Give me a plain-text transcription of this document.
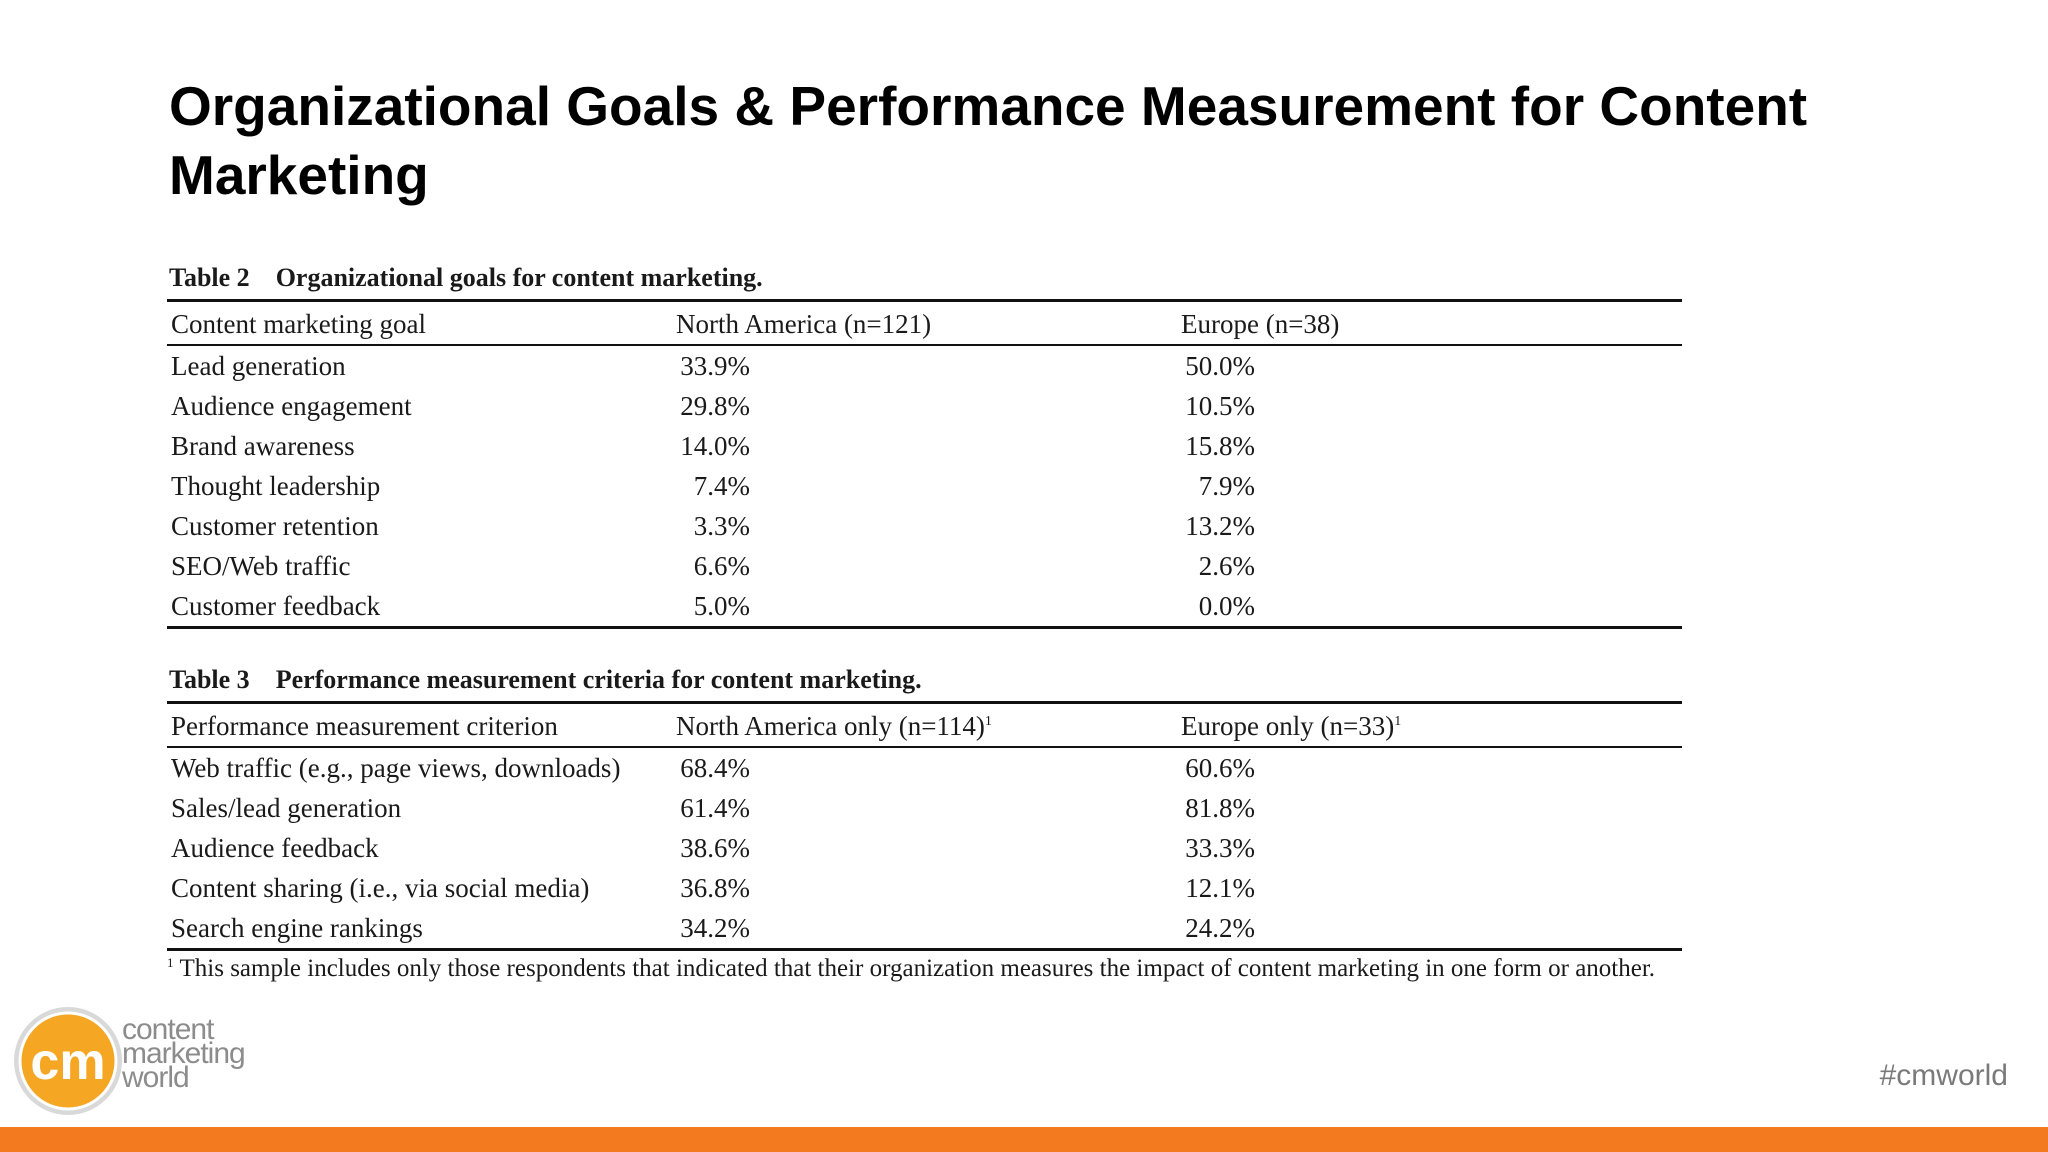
Organizational Goals & Performance Measurement for Content Marketing
Table 2 Organizational goals for content marketing.
Content marketing goal	North America (n=121)	Europe (n=38)
Lead generation	33.9%	50.0%
Audience engagement	29.8%	10.5%
Brand awareness	14.0%	15.8%
Thought leadership	7.4%	7.9%
Customer retention	3.3%	13.2%
SEO/Web traffic	6.6%	2.6%
Customer feedback	5.0%	0.0%
Table 3 Performance measurement criteria for content marketing.
Performance measurement criterion	North America only (n=114)$^1$	Europe only (n=33)$^1$
Web traffic (e.g., page views, downloads)	68.4%	60.6%
Sales/lead generation	61.4%	81.8%
Audience feedback	38.6%	33.3%
Content sharing (i.e., via social media)	36.8%	12.1%
Search engine rankings	34.2%	24.2%
$^1$ This sample includes only those respondents that indicated that their organization measures the impact of content marketing in one form or another.
cm
content
marketing
world	#cmworld
